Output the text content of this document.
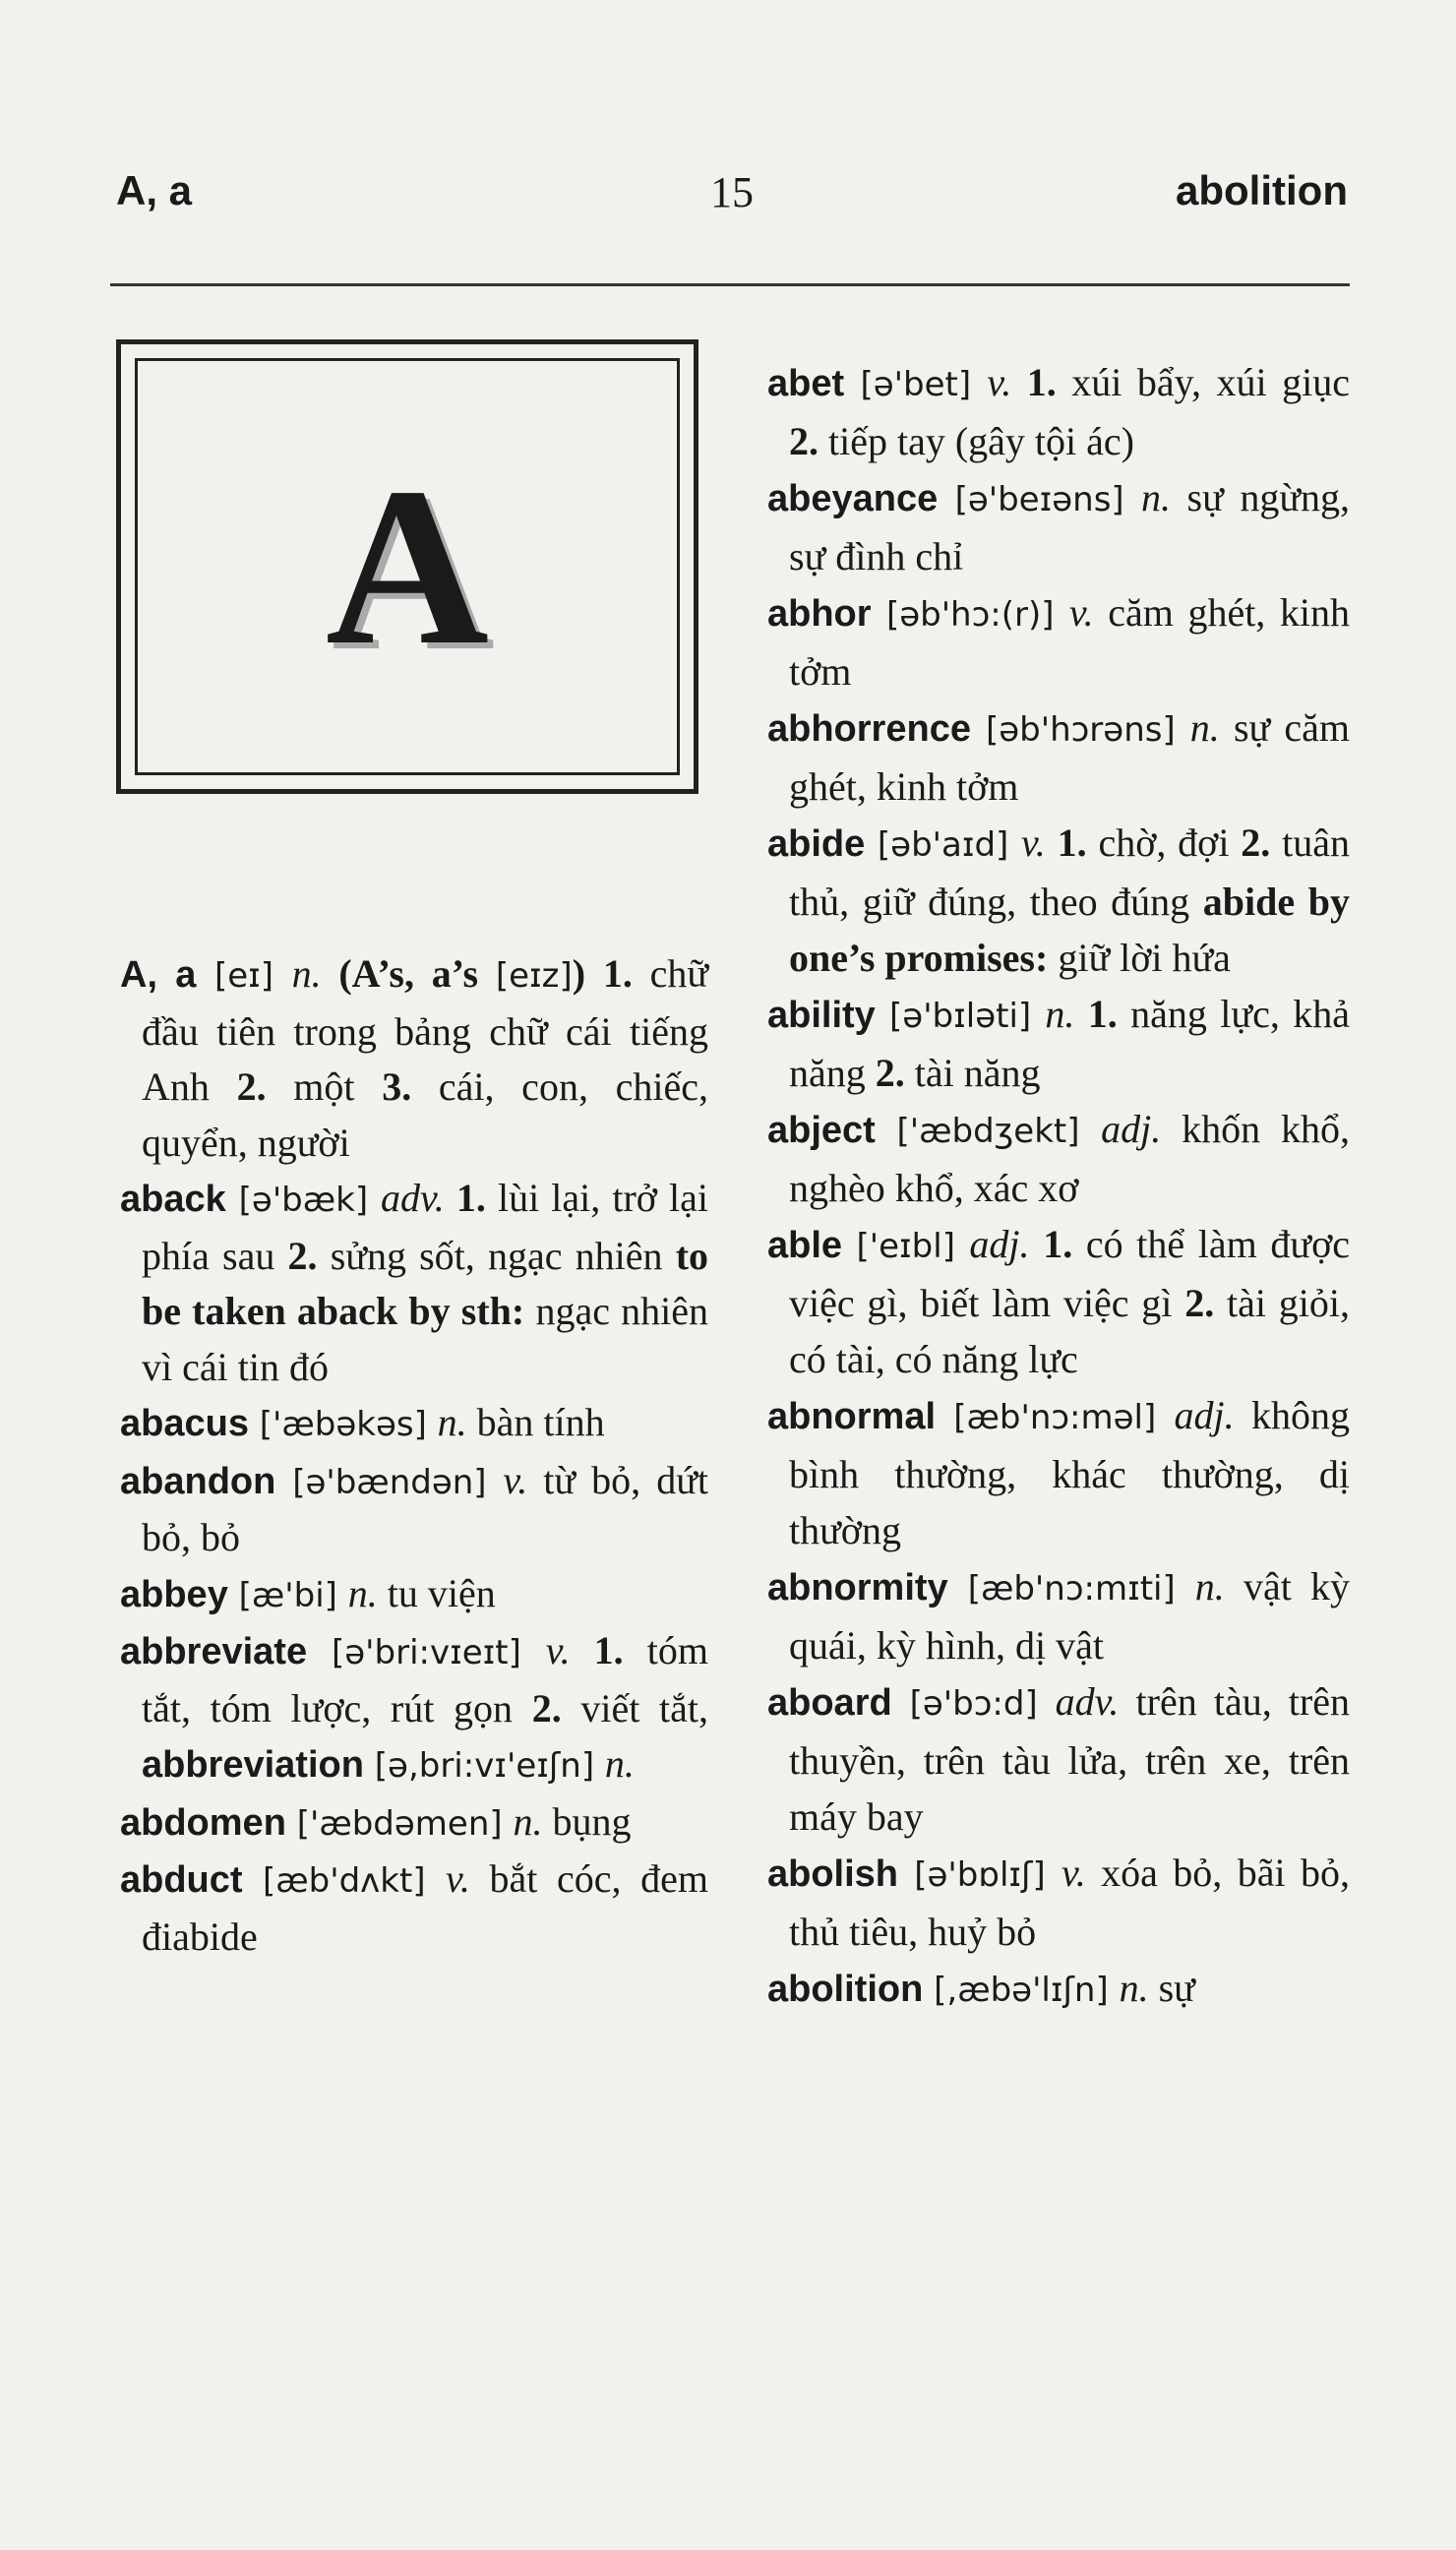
A, a	15	abolition
A
A, a [eɪ] n. (A’s, a’s [eɪz]) 1. chữ đầu tiên trong bảng chữ cái tiếng Anh 2. một 3. cái, con, chiếc, quyển, người
aback [ə'bæk] adv. 1. lùi lại, trở lại phía sau 2. sửng sốt, ngạc nhiên to be taken aback by sth: ngạc nhiên vì cái tin đó
abacus ['æbəkəs] n. bàn tính
abandon [ə'bændən] v. từ bỏ, dứt bỏ, bỏ
abbey [æ'bi] n. tu viện
abbreviate [ə'bri:vɪeɪt] v. 1. tóm tắt, tóm lược, rút gọn 2. viết tắt, abbreviation [ə,bri:vɪ'eɪʃn] n.
abdomen ['æbdəmen] n. bụng
abduct [æb'dʌkt] v. bắt cóc, đem điabide
abet [ə'bet] v. 1. xúi bẩy, xúi giục 2. tiếp tay (gây tội ác)
abeyance [ə'beɪəns] n. sự ngừng, sự đình chỉ
abhor [əb'hɔ:(r)] v. căm ghét, kinh tởm
abhorrence [əb'hɔrəns] n. sự căm ghét, kinh tởm
abide [əb'aɪd] v. 1. chờ, đợi 2. tuân thủ, giữ đúng, theo đúng abide by one’s promises: giữ lời hứa
ability [ə'bɪləti] n. 1. năng lực, khả năng 2. tài năng
abject ['æbdʒekt] adj. khốn khổ, nghèo khổ, xác xơ
able ['eɪbl] adj. 1. có thể làm được việc gì, biết làm việc gì 2. tài giỏi, có tài, có năng lực
abnormal [æb'nɔ:məl] adj. không bình thường, khác thường, dị thường
abnormity [æb'nɔ:mɪti] n. vật kỳ quái, kỳ hình, dị vật
aboard [ə'bɔ:d] adv. trên tàu, trên thuyền, trên tàu lửa, trên xe, trên máy bay
abolish [ə'bɒlɪʃ] v. xóa bỏ, bãi bỏ, thủ tiêu, huỷ bỏ
abolition [,æbə'lɪʃn] n. sự
